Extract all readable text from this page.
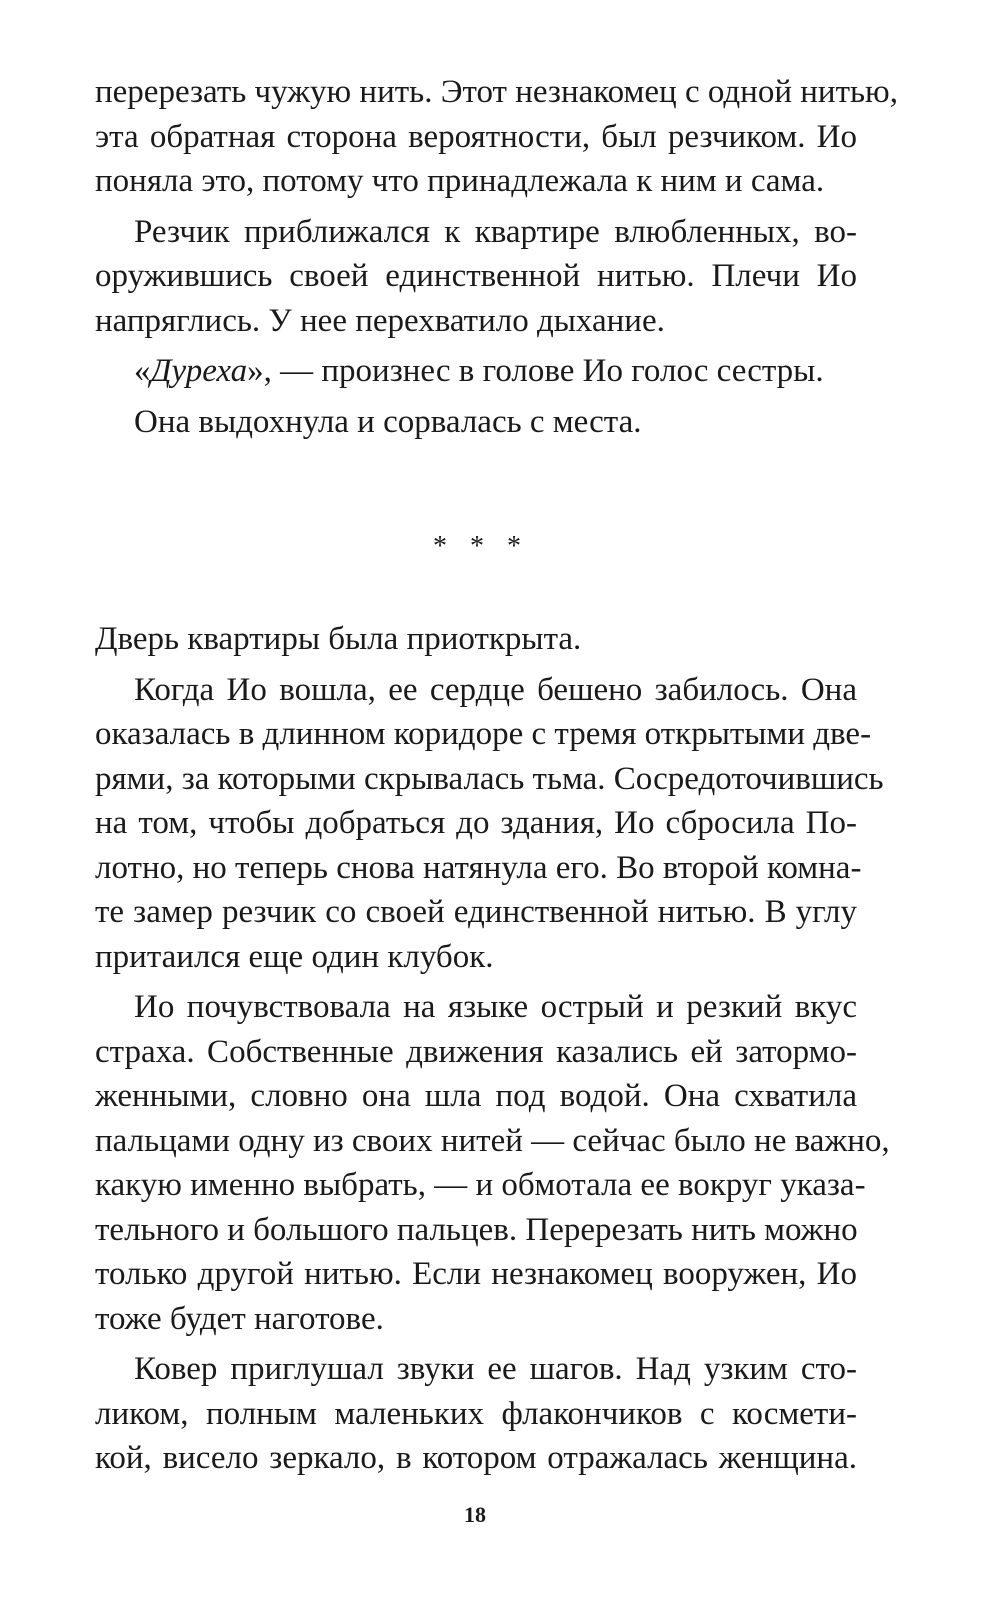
перерезать чужую нить. Этот незнакомец с одной нитью,
эта обратная сторона вероятности, был резчиком. Ио
поняла это, потому что принадлежала к ним и сама.
Резчик приближался к квартире влюбленных, во-
оружившись своей единственной нитью. Плечи Ио
напряглись. У нее перехватило дыхание.
«Дуреха», — произнес в голове Ио голос сестры.
Она выдохнула и сорвалась с места.
* * *
Дверь квартиры была приоткрыта.
Когда Ио вошла, ее сердце бешено забилось. Она
оказалась в длинном коридоре с тремя открытыми две-
рями, за которыми скрывалась тьма. Сосредоточившись
на том, чтобы добраться до здания, Ио сбросила По-
лотно, но теперь снова натянула его. Во второй комна-
те замер резчик со своей единственной нитью. В углу
притаился еще один клубок.
Ио почувствовала на языке острый и резкий вкус
страха. Собственные движения казались ей затормо-
женными, словно она шла под водой. Она схватила
пальцами одну из своих нитей — сейчас было не важно,
какую именно выбрать, — и обмотала ее вокруг указа-
тельного и большого пальцев. Перерезать нить можно
только другой нитью. Если незнакомец вооружен, Ио
тоже будет наготове.
Ковер приглушал звуки ее шагов. Над узким сто-
ликом, полным маленьких флакончиков с космети-
кой, висело зеркало, в котором отражалась женщина.
18
